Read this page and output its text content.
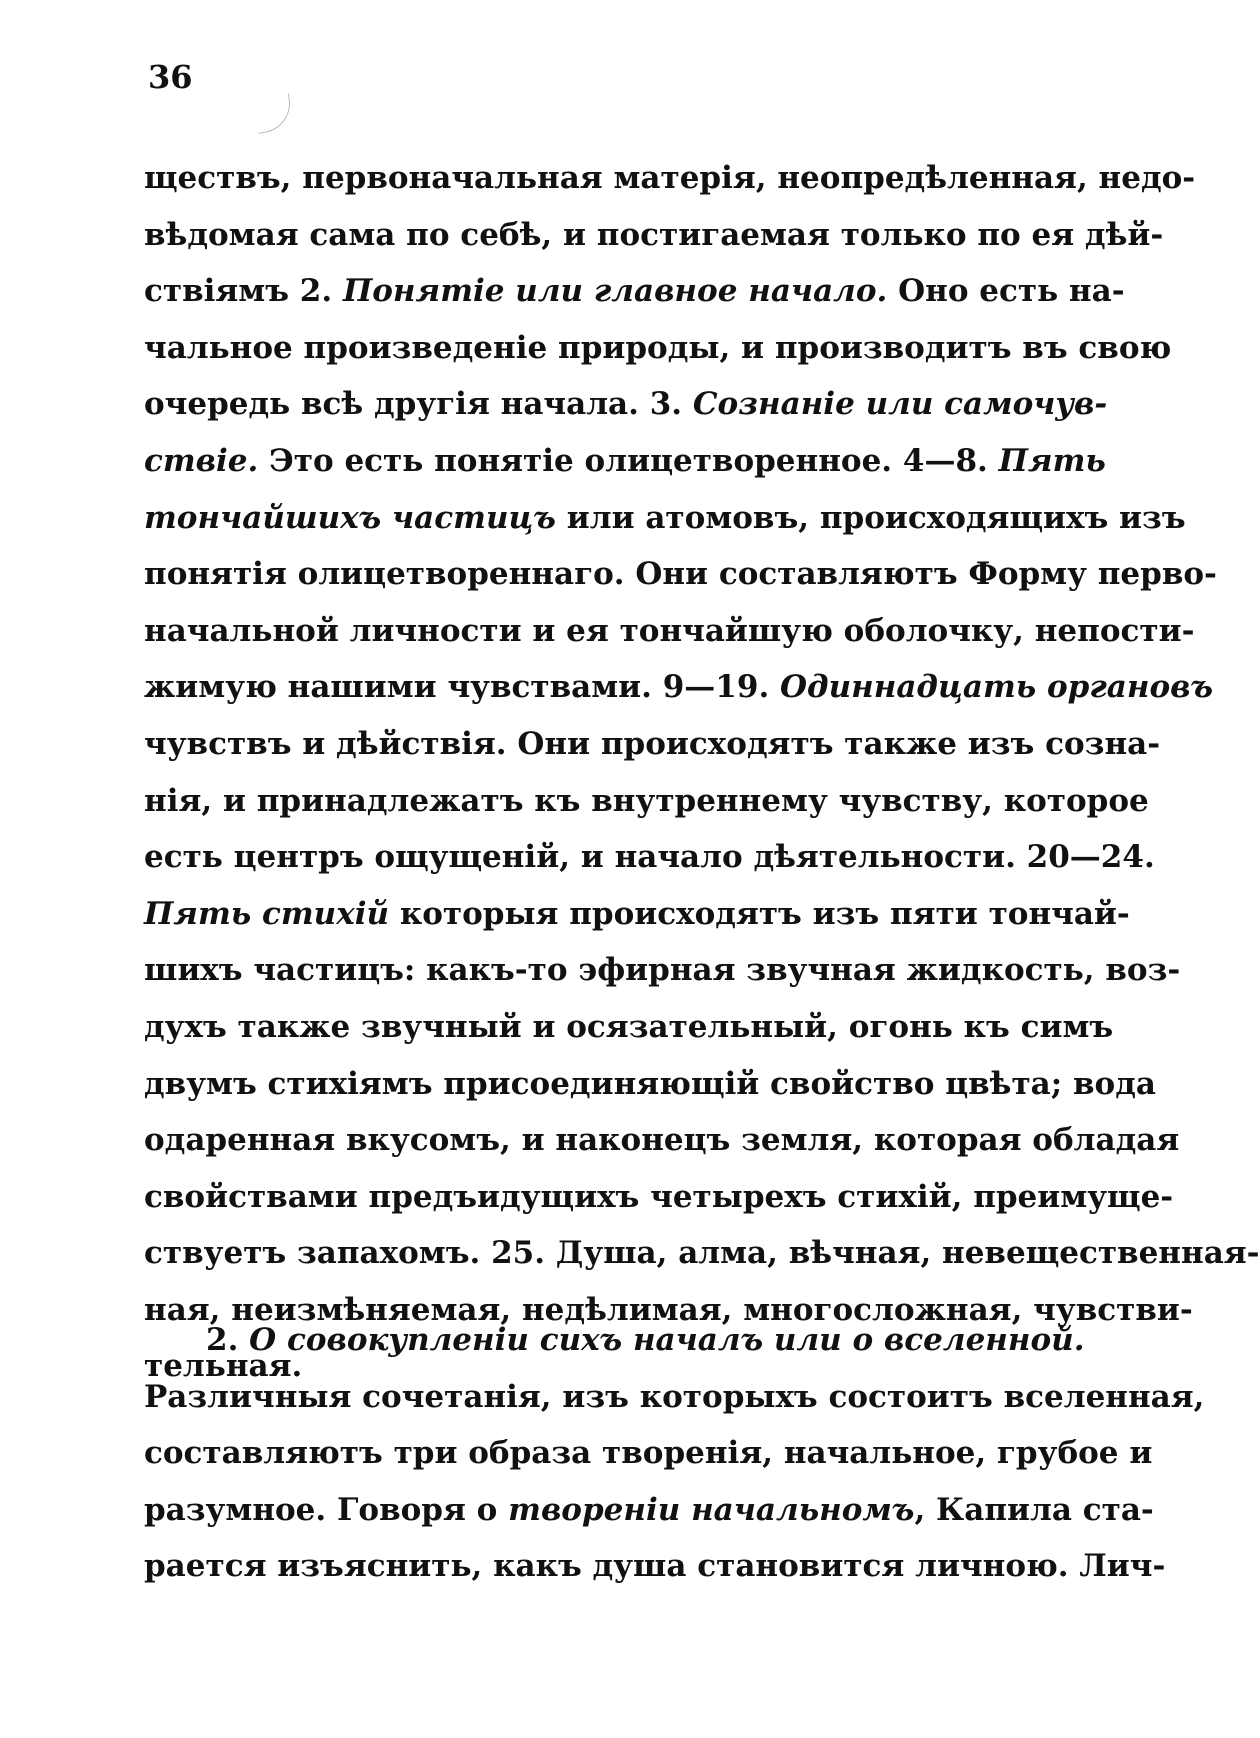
36
ществъ, первоначальная матерія, неопредѣленная, недо-
вѣдомая сама по себѣ, и постигаемая только по ея дѣй-
ствіямъ 2. Понятіе или главное начало. Оно есть на-
чальное произведеніе природы, и производитъ въ свою
очередь всѣ другія начала. 3. Сознаніе или самочув-
ствіе. Это есть понятіе олицетворенное. 4—8. Пять
тончайшихъ частицъ или атомовъ, происходящихъ изъ
понятія олицетвореннаго. Они составляютъ Форму перво-
начальной личности и ея тончайшую оболочку, непости-
жимую нашими чувствами. 9—19. Одиннадцать органовъ
чувствъ и дѣйствія. Они происходятъ также изъ созна-
нія, и принадлежатъ къ внутреннему чувству, которое
есть центръ ощущеній, и начало дѣятельности. 20—24.
Пять стихій которыя происходятъ изъ пяти тончай-
шихъ частицъ: какъ-то эфирная звучная жидкость, воз-
духъ также звучный и осязательный, огонь къ симъ
двумъ стихіямъ присоединяющій свойство цвѣта; вода
одаренная вкусомъ, и наконецъ земля, которая обладая
свойствами предъидущихъ четырехъ стихій, преимуще-
ствуетъ запахомъ. 25. Душа, алма, вѣчная, невещественная-
ная, неизмѣняемая, недѣлимая, многосложная, чувстви-
тельная.
2. О совокупленіи сихъ началъ или о вселенной.
Различныя сочетанія, изъ которыхъ состоитъ вселенная,
составляютъ три образа творенія, начальное, грубое и
разумное. Говоря о твореніи начальномъ, Капила ста-
рается изъяснить, какъ душа становится личною. Лич-
